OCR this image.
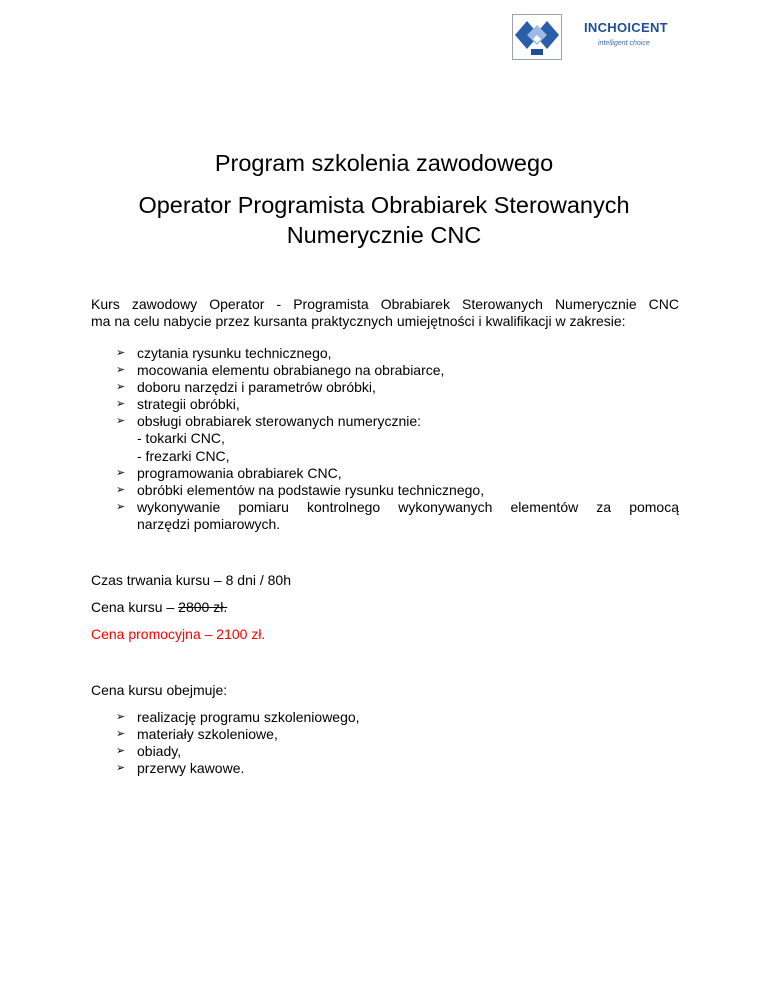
INCHOICENT
intelligent choice
Program szkolenia zawodowego
Operator Programista Obrabiarek Sterowanych
Numerycznie CNC
Kurs zawodowy Operator - Programista Obrabiarek Sterowanych Numerycznie CNC
ma na celu nabycie przez kursanta praktycznych umiejętności i kwalifikacji w zakresie:
➢ czytania rysunku technicznego,
➢ mocowania elementu obrabianego na obrabiarce,
➢ doboru narzędzi i parametrów obróbki,
➢ strategii obróbki,
➢ obsługi obrabiarek sterowanych numerycznie:
- tokarki CNC,
- frezarki CNC,
➢ programowania obrabiarek CNC,
➢ obróbki elementów na podstawie rysunku technicznego,
➢ wykonywanie pomiaru kontrolnego wykonywanych elementów za pomocą
narzędzi pomiarowych.
Czas trwania kursu – 8 dni / 80h
Cena kursu – 2800 zł.
Cena promocyjna – 2100 zł.
Cena kursu obejmuje:
➢ realizację programu szkoleniowego,
➢ materiały szkoleniowe,
➢ obiady,
➢ przerwy kawowe.
